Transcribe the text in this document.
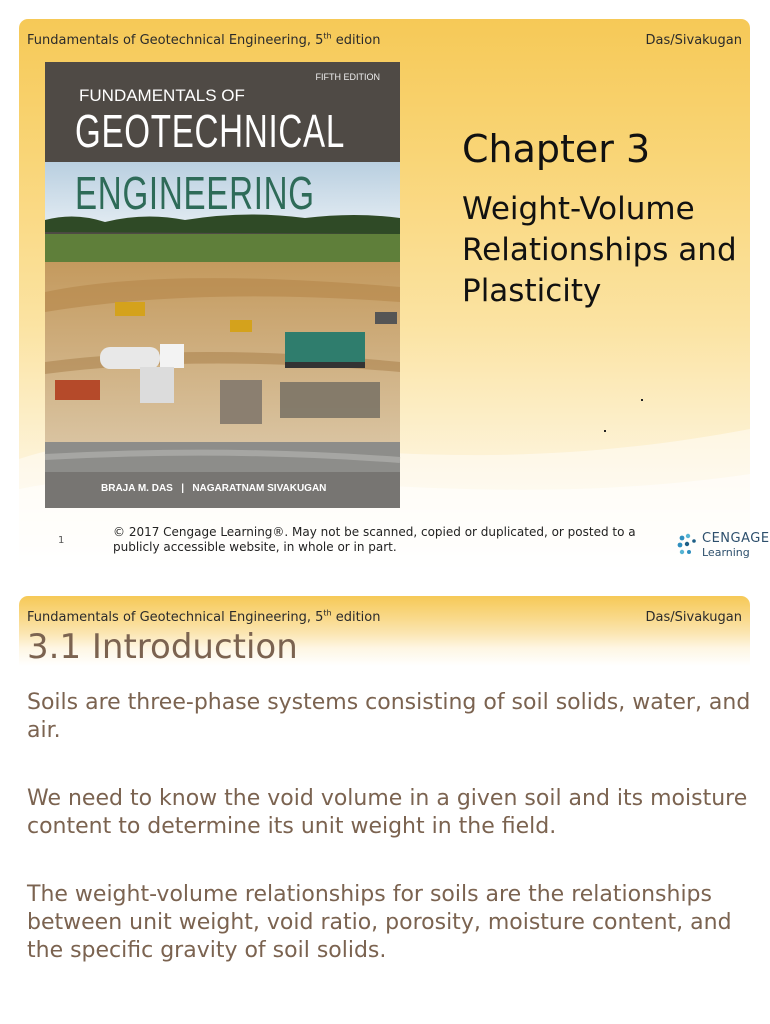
Fundamentals of Geotechnical Engineering, 5th edition	Das/Sivakugan
FIFTH EDITION
FUNDAMENTALS OF
GEOTECHNICAL
ENGINEERING
BRAJA M. DAS   |   NAGARATNAM SIVAKUGAN
Chapter 3
Weight-Volume Relationships and Plasticity
1
© 2017 Cengage Learning®. May not be scanned, copied or duplicated, or posted to a publicly accessible website, in whole or in part.
CENGAGE
Learning
Fundamentals of Geotechnical Engineering, 5th edition	Das/Sivakugan
3.1 Introduction
Soils are three-phase systems consisting of soil solids, water, and air.
We need to know the void volume in a given soil and its moisture content to determine its unit weight in the field.
The weight-volume relationships for soils are the relationships between unit weight, void ratio, porosity, moisture content, and the specific gravity of soil solids.
